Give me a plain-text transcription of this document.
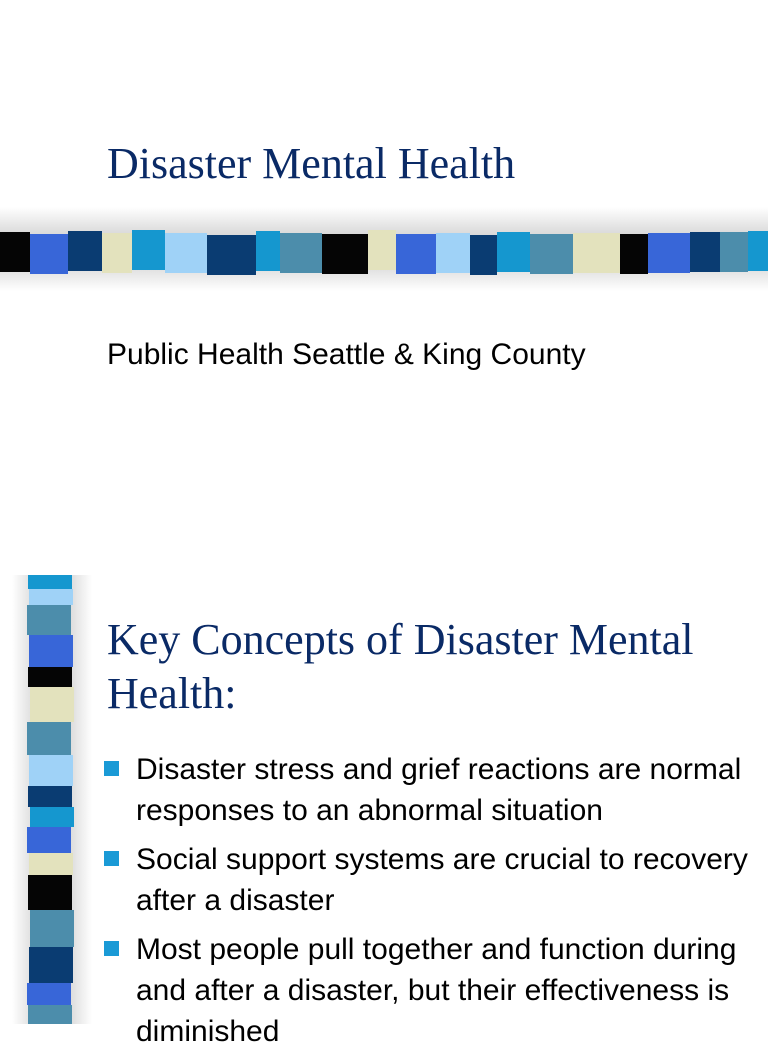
Disaster Mental Health

Public Health Seattle & King County

Key Concepts of Disaster Mental Health:
Disaster stress and grief reactions are normal responses to an abnormal situation
Social support systems are crucial to recovery after a disaster
Most people pull together and function during and after a disaster, but their effectiveness is diminished
